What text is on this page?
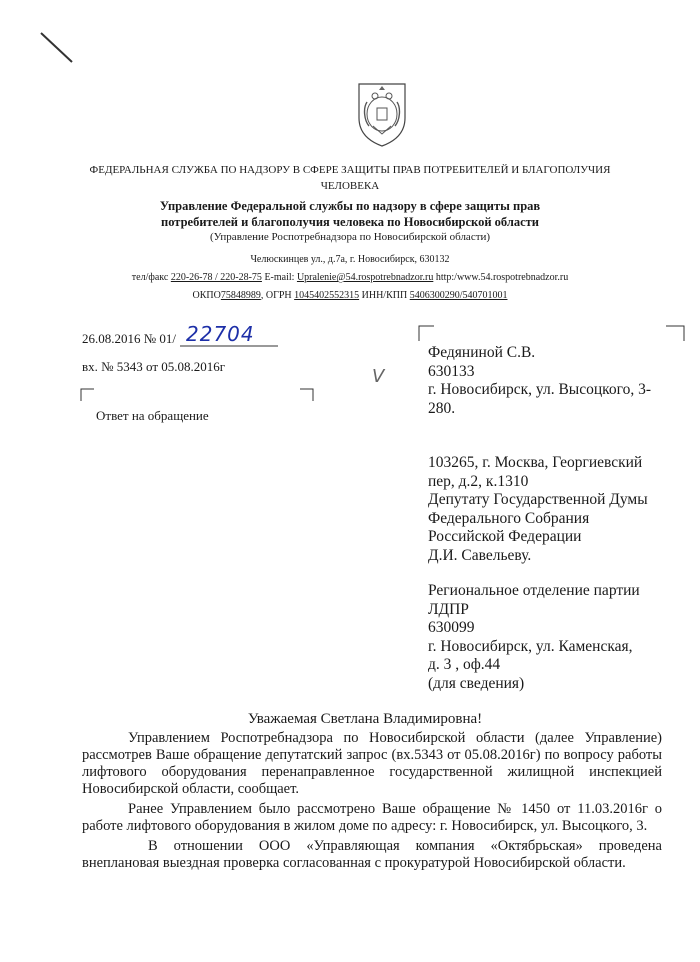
ФЕДЕРАЛЬНАЯ СЛУЖБА ПО НАДЗОРУ В СФЕРЕ ЗАЩИТЫ ПРАВ ПОТРЕБИТЕЛЕЙ И БЛАГОПОЛУЧИЯ
ЧЕЛОВЕКА
Управление Федеральной службы по надзору в сфере защиты прав
потребителей и благополучия человека по Новосибирской области
(Управление Роспотребнадзора по Новосибирской области)
Челюскинцев ул., д.7а, г. Новосибирск, 630132
тел/факс 220-26-78 / 220-28-75 E-mail: Upralenie@54.rospotrebnadzor.ru http:/www.54.rospotrebnadzor.ru
ОКПО75848989, ОГРН 1045402552315 ИНН/КПП 5406300290/540701001
26.08.2016 № 01/ 22704
вх. № 5343 от 05.08.2016г
Ответ на обращение
V
Федяниной С.В.
630133
г. Новосибирск, ул. Высоцкого, 3-
280.
103265, г. Москва, Георгиевский
пер, д.2, к.1310
Депутату Государственной Думы
Федерального Собрания
Российской Федерации
Д.И. Савельеву.
Региональное отделение партии
ЛДПР
630099
г. Новосибирск, ул. Каменская,
д. 3 , оф.44
(для сведения)
Уважаемая Светлана Владимировна!

Управлением Роспотребнадзора по Новосибирской области (далее Управление) рассмотрев Ваше обращение депутатский запрос (вх.5343 от 05.08.2016г) по вопросу работы лифтового оборудования перенаправленное государственной жилищной инспекцией Новосибирской области, сообщает.

Ранее Управлением было рассмотрено Ваше обращение № 1450 от 11.03.2016г о работе лифтового оборудования в жилом доме по адресу: г. Новосибирск, ул. Высоцкого, 3.

В отношении ООО «Управляющая компания «Октябрьская» проведена внеплановая выездная проверка согласованная с прокуратурой Новосибирской области.
